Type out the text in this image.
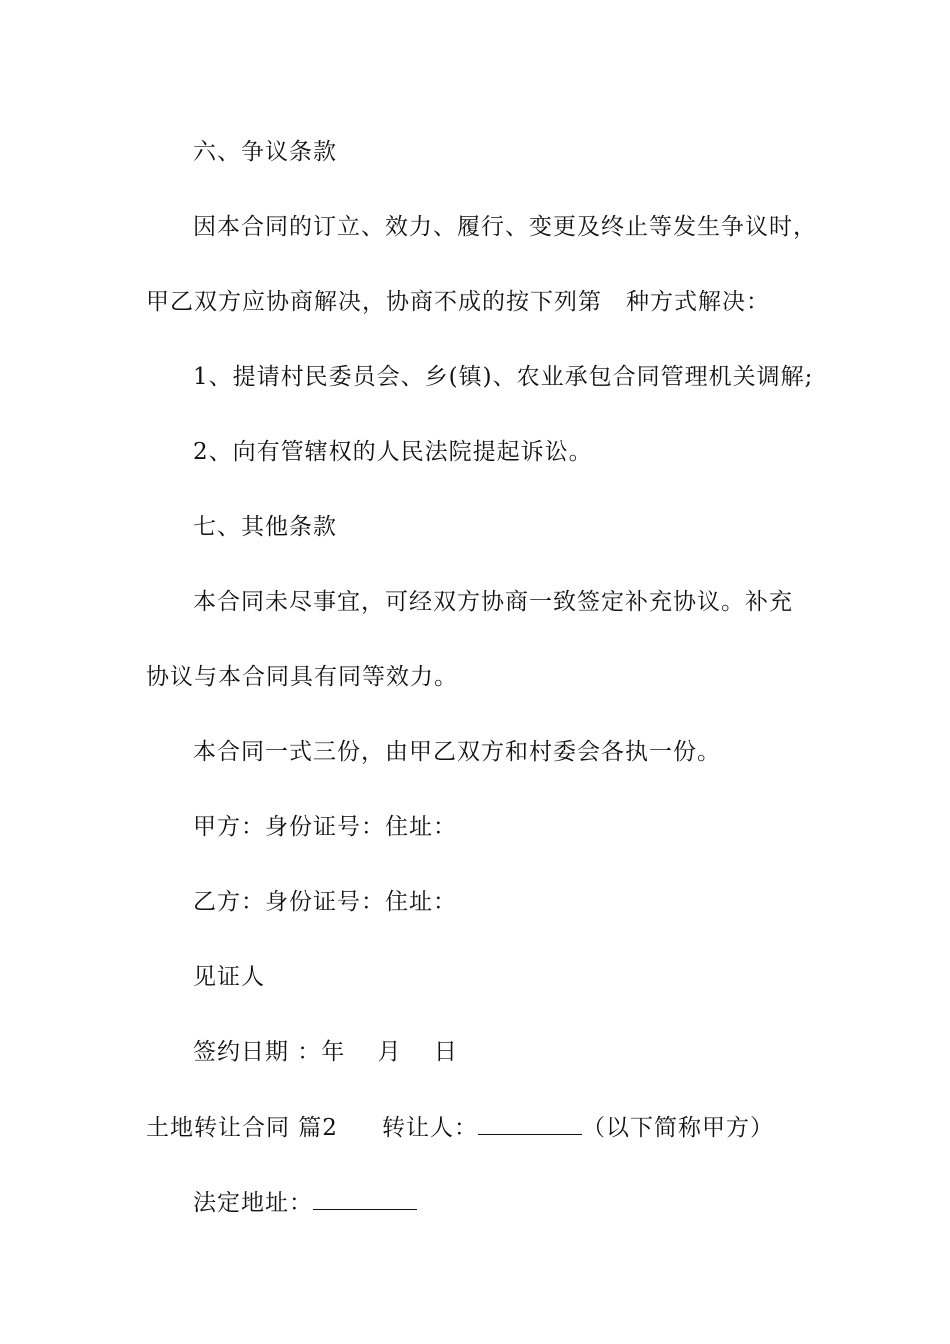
六、争议条款
因本合同的订立、效力、履行、变更及终止等发生争议时，
甲乙双方应协商解决，协商不成的按下列第　种方式解决：
1、提请村民委员会、乡(镇)、农业承包合同管理机关调解;
2、向有管辖权的人民法院提起诉讼。
七、其他条款
本合同未尽事宜，可经双方协商一致签定补充协议。补充
协议与本合同具有同等效力。
本合同一式三份，由甲乙双方和村委会各执一份。
甲方：身份证号：住址：
乙方：身份证号：住址：
见证人
签约日期 ：年　 月　 日
土地转让合同 篇2 转让人：	（以下简称甲方）
法定地址：
